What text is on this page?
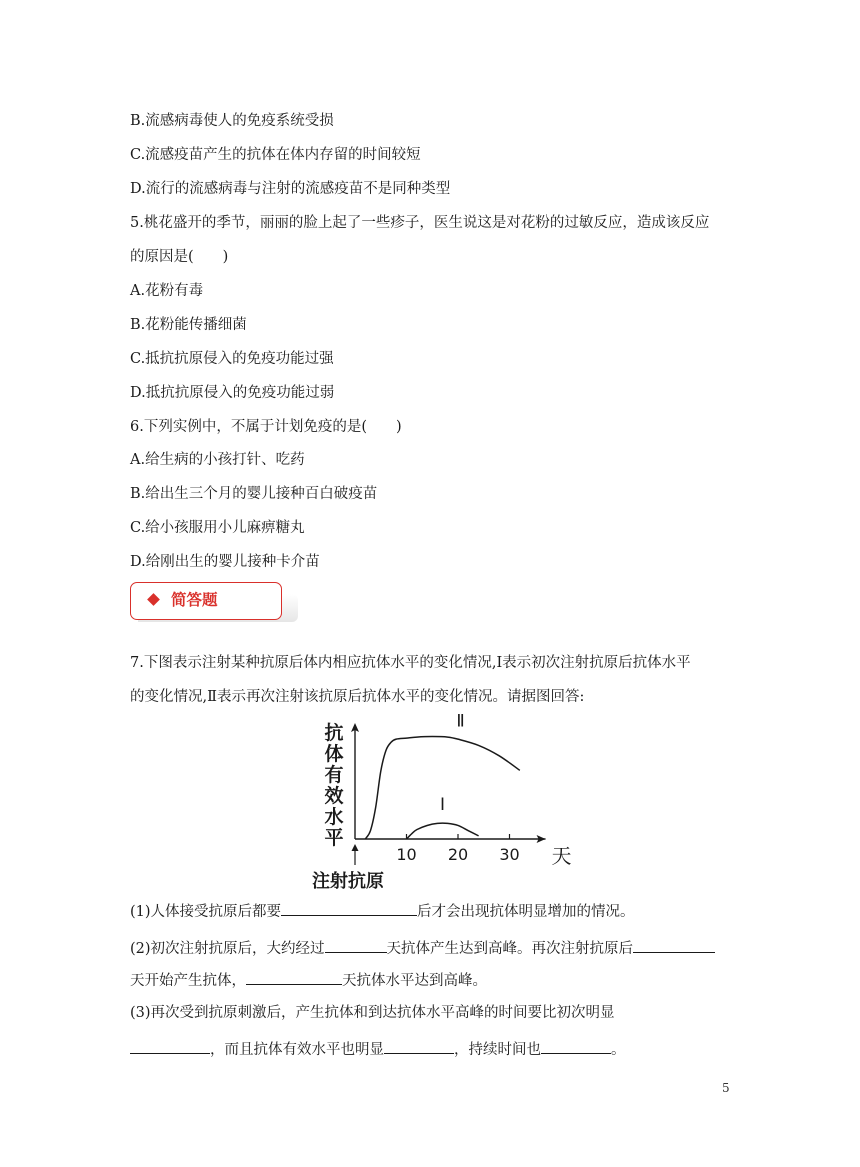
B.流感病毒使人的免疫系统受损
C.流感疫苗产生的抗体在体内存留的时间较短
D.流行的流感病毒与注射的流感疫苗不是同种类型
5.桃花盛开的季节，丽丽的脸上起了一些疹子，医生说这是对花粉的过敏反应，造成该反应
的原因是(　　)
A.花粉有毒
B.花粉能传播细菌
C.抵抗抗原侵入的免疫功能过强
D.抵抗抗原侵入的免疫功能过弱
6.下列实例中，不属于计划免疫的是(　　)
A.给生病的小孩打针、吃药
B.给出生三个月的婴儿接种百白破疫苗
C.给小孩服用小儿麻痹糖丸
D.给刚出生的婴儿接种卡介苗
简答题
7.下图表示注射某种抗原后体内相应抗体水平的变化情况,Ⅰ表示初次注射抗原后抗体水平
的变化情况,Ⅱ表示再次注射该抗原后抗体水平的变化情况。请据图回答:
抗
体
有
效
水
平
10 20 30
Ⅰ
Ⅱ
天
注射抗原
(1)人体接受抗原后都要	后才会出现抗体明显增加的情况。
(2)初次注射抗原后，大约经过	天抗体产生达到高峰。再次注射抗原后
天开始产生抗体，	天抗体水平达到高峰。
(3)再次受到抗原刺激后，产生抗体和到达抗体水平高峰的时间要比初次明显
，而且抗体有效水平也明显	，持续时间也	。
5
